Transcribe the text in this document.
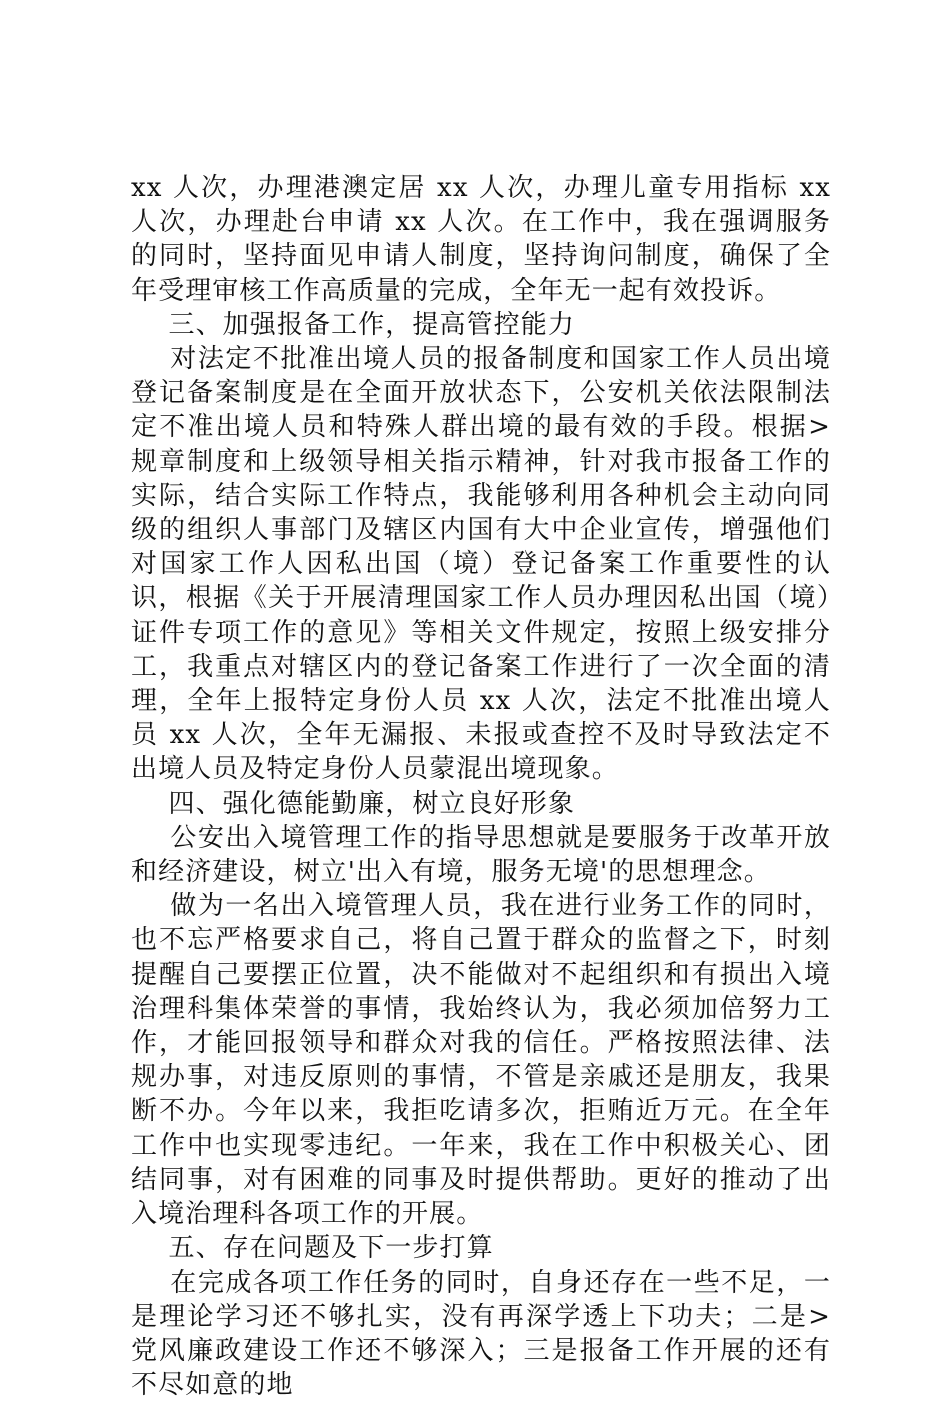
xx 人次，办理港澳定居 xx 人次，办理儿童专用指标 xx 人次，办理赴台申请 xx 人次。在工作中，我在强调服务的同时，坚持面见申请人制度，坚持询问制度，确保了全年受理审核工作高质量的完成，全年无一起有效投诉。

三、加强报备工作，提高管控能力

对法定不批准出境人员的报备制度和国家工作人员出境登记备案制度是在全面开放状态下，公安机关依法限制法定不准出境人员和特殊人群出境的最有效的手段。根据>规章制度和上级领导相关指示精神，针对我市报备工作的实际，结合实际工作特点，我能够利用各种机会主动向同级的组织人事部门及辖区内国有大中企业宣传，增强他们对国家工作人因私出国（境）登记备案工作重要性的认识，根据《关于开展清理国家工作人员办理因私出国（境）证件专项工作的意见》等相关文件规定，按照上级安排分工，我重点对辖区内的登记备案工作进行了一次全面的清理，全年上报特定身份人员 xx 人次，法定不批准出境人员 xx 人次，全年无漏报、未报或查控不及时导致法定不出境人员及特定身份人员蒙混出境现象。

四、强化德能勤廉，树立良好形象

公安出入境管理工作的指导思想就是要服务于改革开放和经济建设，树立'出入有境，服务无境'的思想理念。

做为一名出入境管理人员，我在进行业务工作的同时，也不忘严格要求自己，将自己置于群众的监督之下，时刻提醒自己要摆正位置，决不能做对不起组织和有损出入境治理科集体荣誉的事情，我始终认为，我必须加倍努力工作，才能回报领导和群众对我的信任。严格按照法律、法规办事，对违反原则的事情，不管是亲戚还是朋友，我果断不办。今年以来，我拒吃请多次，拒贿近万元。在全年工作中也实现零违纪。一年来，我在工作中积极关心、团结同事，对有困难的同事及时提供帮助。更好的推动了出入境治理科各项工作的开展。

五、存在问题及下一步打算

在完成各项工作任务的同时，自身还存在一些不足，一是理论学习还不够扎实，没有再深学透上下功夫；二是>党风廉政建设工作还不够深入；三是报备工作开展的还有不尽如意的地
